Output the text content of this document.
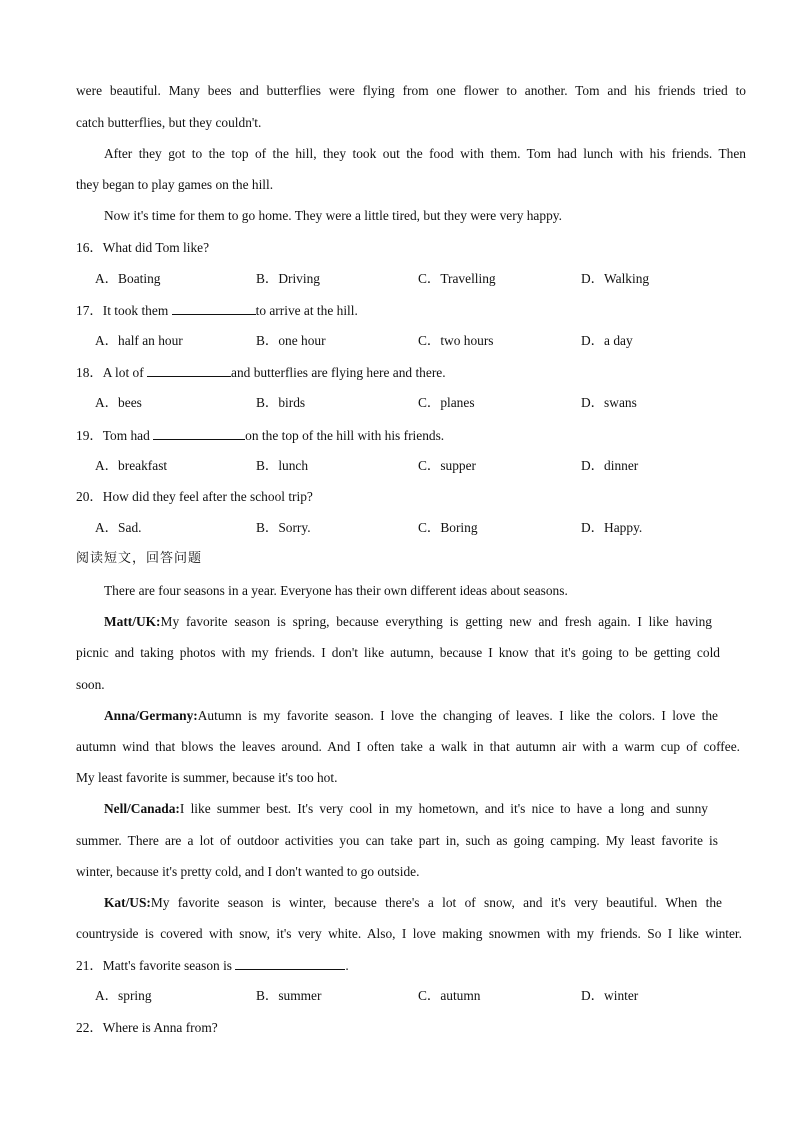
were beautiful. Many bees and butterflies were flying from one flower to another. Tom and his friends tried to
catch butterflies, but they couldn't.
After they got to the top of the hill, they took out the food with them. Tom had lunch with his friends. Then
they began to play games on the hill.
Now it's time for them to go home. They were a little tired, but they were very happy.
16．What did Tom like?
A．Boating	B．Driving	C．Travelling	D．Walking
17．It took them	to arrive at the hill.
A．half an hour	B．one hour	C．two hours	D．a day
18．A lot of	and butterflies are flying here and there.
A．bees	B．birds	C．planes	D．swans
19．Tom had	on the top of the hill with his friends.
A．breakfast	B．lunch	C．supper	D．dinner
20．How did they feel after the school trip?
A．Sad.	B．Sorry.	C．Boring	D．Happy.
阅读短文，回答问题
There are four seasons in a year. Everyone has their own different ideas about seasons.
Matt/UK:My favorite season is spring, because everything is getting new and fresh again. I like having
picnic and taking photos with my friends. I don't like autumn, because I know that it's going to be getting cold
soon.
Anna/Germany:Autumn is my favorite season. I love the changing of leaves. I like the colors. I love the
autumn wind that blows the leaves around. And I often take a walk in that autumn air with a warm cup of coffee.
My least favorite is summer, because it's too hot.
Nell/Canada:I like summer best. It's very cool in my hometown, and it's nice to have a long and sunny
summer. There are a lot of outdoor activities you can take part in, such as going camping. My least favorite is
winter, because it's pretty cold, and I don't wanted to go outside.
Kat/US:My favorite season is winter, because there's a lot of snow, and it's very beautiful. When the
countryside is covered with snow, it's very white. Also, I love making snowmen with my friends. So I like winter.
21．Matt's favorite season is	.
A．spring	B．summer	C．autumn	D．winter
22．Where is Anna from?
